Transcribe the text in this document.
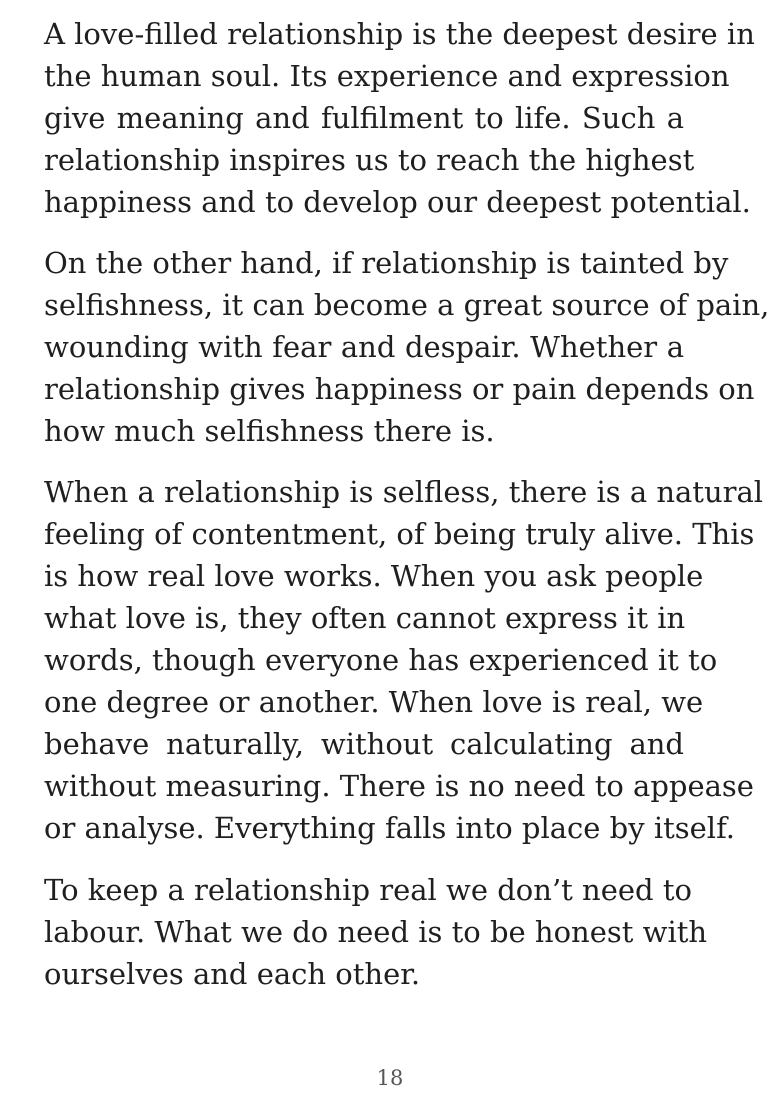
A love-filled relationship is the deepest desire in
the human soul. Its experience and expression
give meaning and fulfilment to life. Such a
relationship inspires us to reach the highest
happiness and to develop our deepest potential.

On the other hand, if relationship is tainted by
selfishness, it can become a great source of pain,
wounding with fear and despair. Whether a
relationship gives happiness or pain depends on
how much selfishness there is.

When a relationship is selfless, there is a natural
feeling of contentment, of being truly alive. This
is how real love works. When you ask people
what love is, they often cannot express it in
words, though everyone has experienced it to
one degree or another. When love is real, we
behave naturally, without calculating and
without measuring. There is no need to appease
or analyse. Everything falls into place by itself.

To keep a relationship real we don’t need to
labour. What we do need is to be honest with
ourselves and each other.

18
